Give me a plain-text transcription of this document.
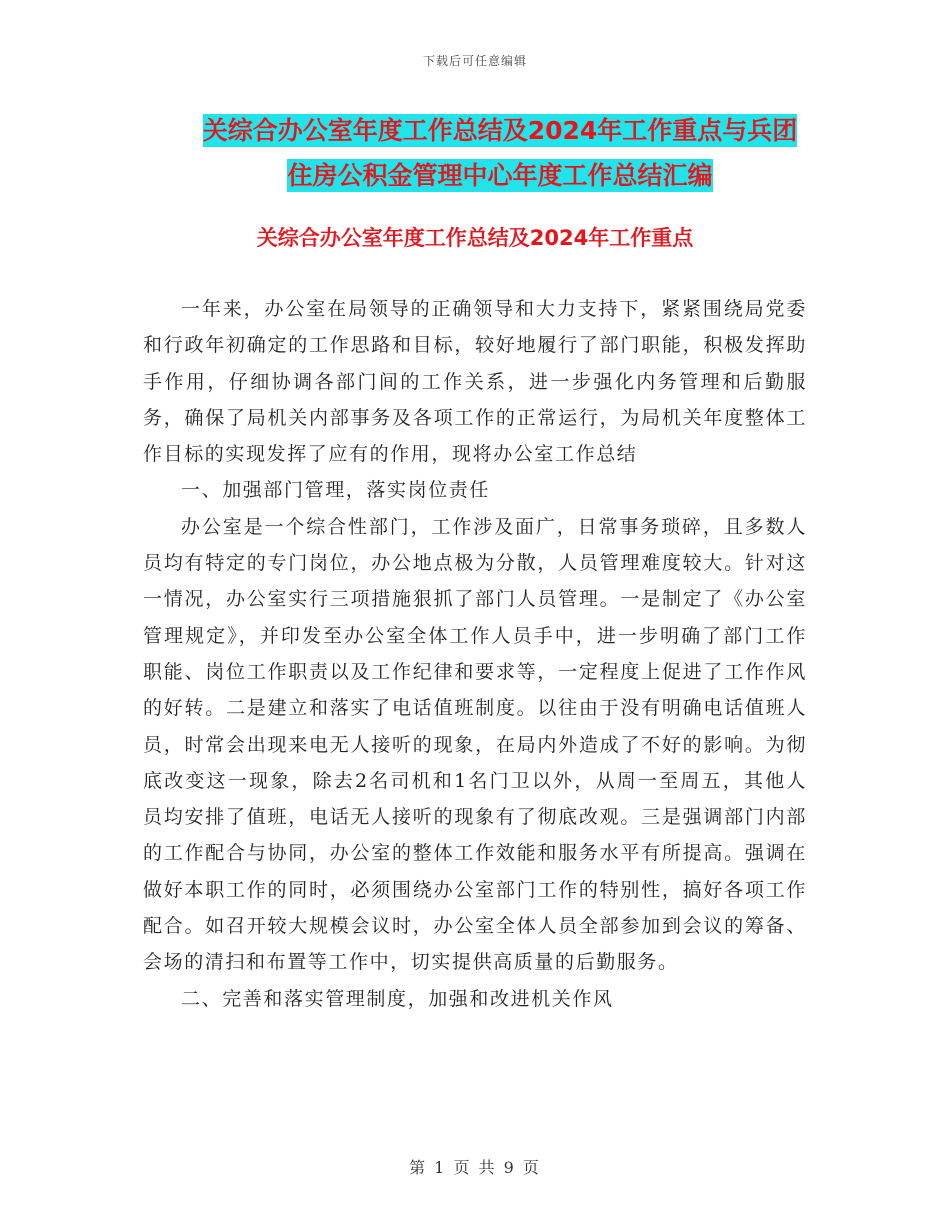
下载后可任意编辑
关综合办公室年度工作总结及2024年工作重点与兵团
住房公积金管理中心年度工作总结汇编
关综合办公室年度工作总结及2024年工作重点

一年来，办公室在局领导的正确领导和大力支持下，紧紧围绕局党委和行政年初确定的工作思路和目标，较好地履行了部门职能，积极发挥助手作用，仔细协调各部门间的工作关系，进一步强化内务管理和后勤服务，确保了局机关内部事务及各项工作的正常运行，为局机关年度整体工作目标的实现发挥了应有的作用，现将办公室工作总结

一、加强部门管理，落实岗位责任

办公室是一个综合性部门，工作涉及面广，日常事务琐碎，且多数人员均有特定的专门岗位，办公地点极为分散，人员管理难度较大。针对这一情况，办公室实行三项措施狠抓了部门人员管理。一是制定了《办公室管理规定》，并印发至办公室全体工作人员手中，进一步明确了部门工作职能、岗位工作职责以及工作纪律和要求等，一定程度上促进了工作作风的好转。二是建立和落实了电话值班制度。以往由于没有明确电话值班人员，时常会出现来电无人接听的现象，在局内外造成了不好的影响。为彻底改变这一现象，除去2名司机和1名门卫以外，从周一至周五，其他人员均安排了值班，电话无人接听的现象有了彻底改观。三是强调部门内部的工作配合与协同，办公室的整体工作效能和服务水平有所提高。强调在做好本职工作的同时，必须围绕办公室部门工作的特别性，搞好各项工作配合。如召开较大规模会议时，办公室全体人员全部参加到会议的筹备、会场的清扫和布置等工作中，切实提供高质量的后勤服务。

二、完善和落实管理制度，加强和改进机关作风

第 1 页 共 9 页
